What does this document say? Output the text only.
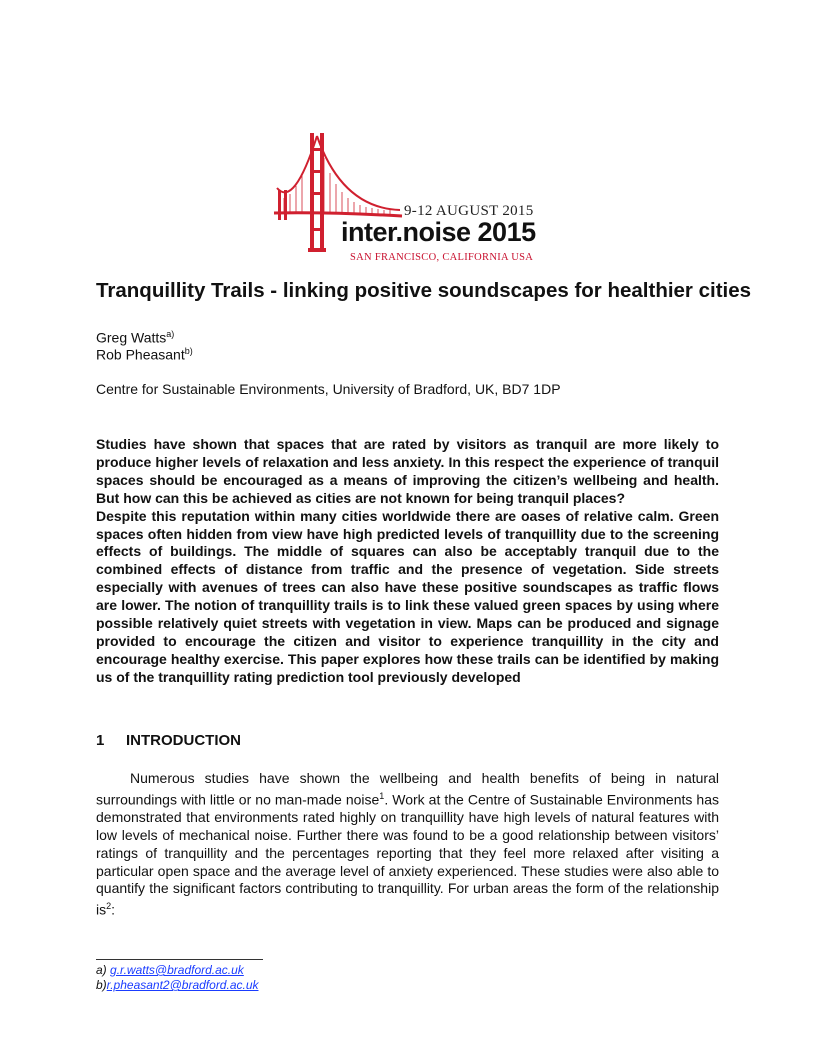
9-12 AUGUST 2015
inter.noise 2015
SAN FRANCISCO, CALIFORNIA USA
Tranquillity Trails - linking positive soundscapes for healthier cities
Greg Watts$^{a)}$
Rob Pheasant$^{b)}$
Centre for Sustainable Environments, University of Bradford, UK, BD7 1DP

Studies have shown that spaces that are rated by visitors as tranquil are more likely to produce higher levels of relaxation and less anxiety. In this respect the experience of tranquil spaces should be encouraged as a means of improving the citizen’s wellbeing and health. But how can this be achieved as cities are not known for being tranquil places?

Despite this reputation within many cities worldwide there are oases of relative calm. Green spaces often hidden from view have high predicted levels of tranquillity due to the screening effects of buildings. The middle of squares can also be acceptably tranquil due to the combined effects of distance from traffic and the presence of vegetation. Side streets especially with avenues of trees can also have these positive soundscapes as traffic flows are lower. The notion of tranquillity trails is to link these valued green spaces by using where possible relatively quiet streets with vegetation in view. Maps can be produced and signage provided to encourage the citizen and visitor to experience tranquillity in the city and encourage healthy exercise. This paper explores how these trails can be identified by making us of the tranquillity rating prediction tool previously developed

1 INTRODUCTION

Numerous studies have shown the wellbeing and health benefits of being in natural surroundings with little or no man-made noise$^1$. Work at the Centre of Sustainable Environments has demonstrated that environments rated highly on tranquillity have high levels of natural features with low levels of mechanical noise. Further there was found to be a good relationship between visitors’ ratings of tranquillity and the percentages reporting that they feel more relaxed after visiting a particular open space and the average level of anxiety experienced. These studies were also able to quantify the significant factors contributing to tranquillity. For urban areas the form of the relationship $is^2$:

a) g.r.watts@bradford.ac.uk
b)r.pheasant2@bradford.ac.uk
